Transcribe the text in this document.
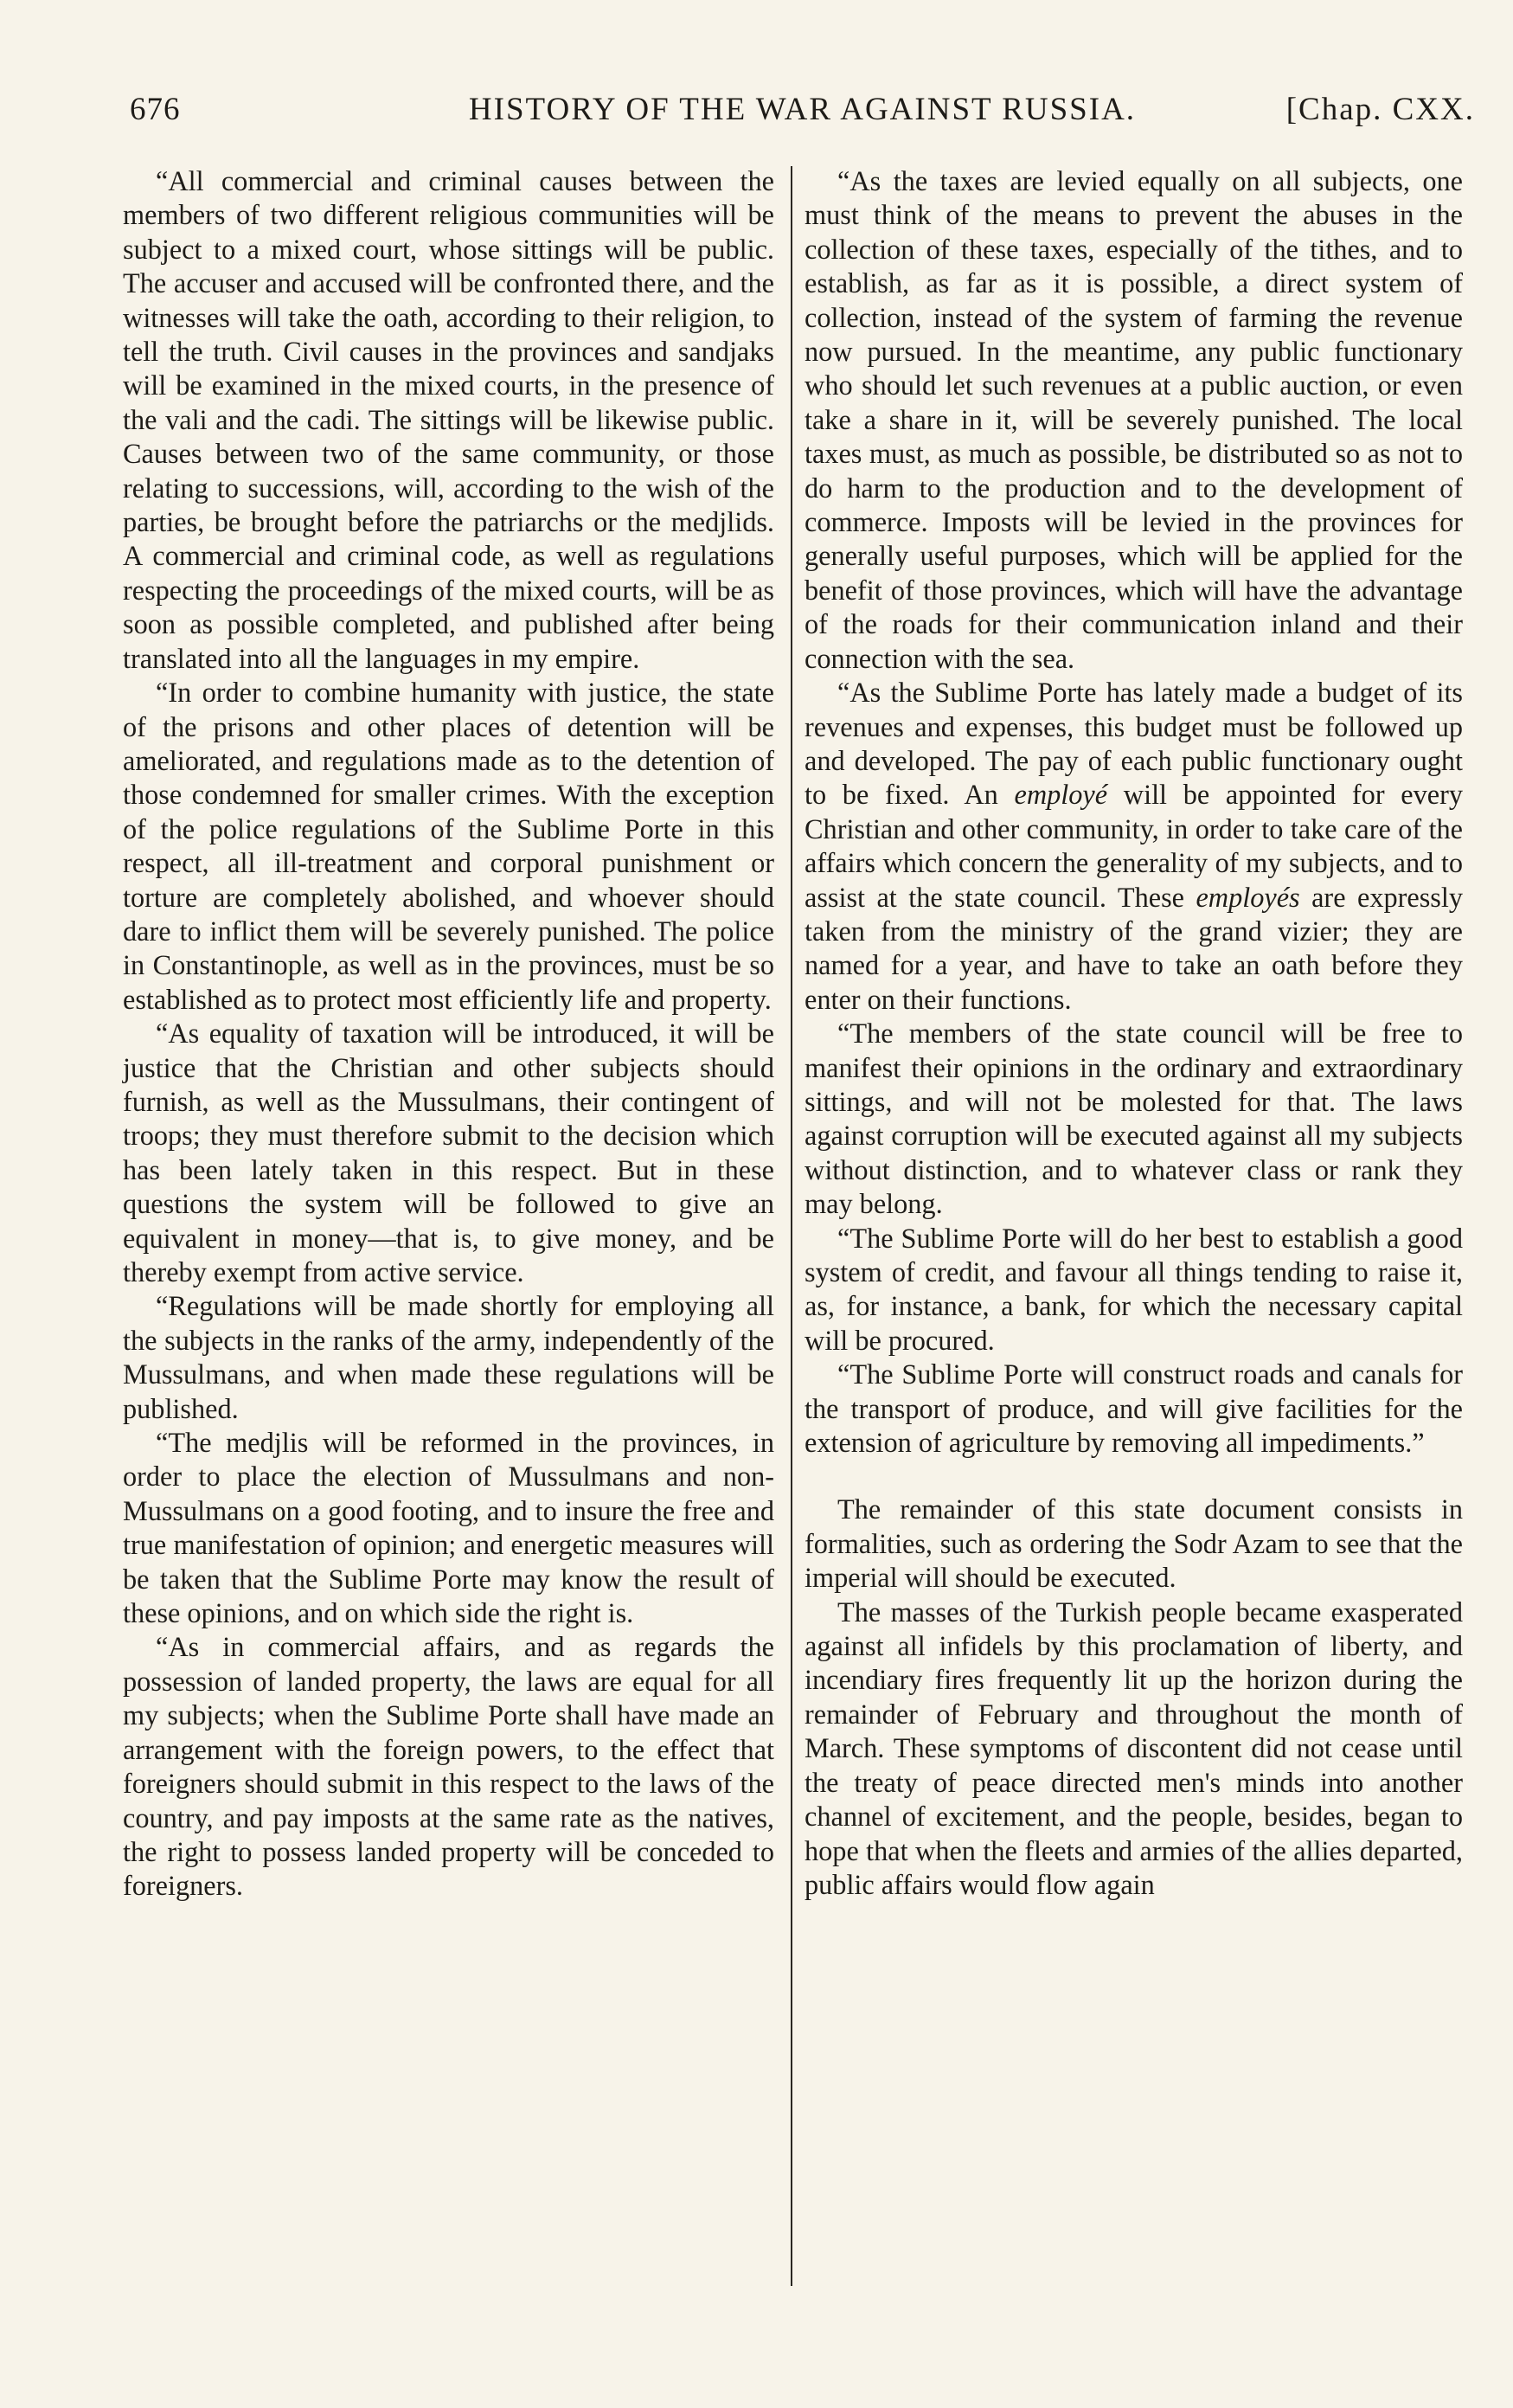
HISTORY OF THE WAR AGAINST RUSSIA.
676	[Chap. CXX.

“All commercial and criminal causes between the members of two different religious communities will be subject to a mixed court, whose sittings will be public. The accuser and accused will be confronted there, and the witnesses will take the oath, according to their religion, to tell the truth. Civil causes in the provinces and sandjaks will be examined in the mixed courts, in the presence of the vali and the cadi. The sittings will be likewise public. Causes between two of the same community, or those relating to successions, will, according to the wish of the parties, be brought before the patriarchs or the medjlids. A commercial and criminal code, as well as regulations respecting the proceedings of the mixed courts, will be as soon as possible completed, and published after being translated into all the languages in my empire.

“In order to combine humanity with justice, the state of the prisons and other places of detention will be ameliorated, and regulations made as to the detention of those condemned for smaller crimes. With the exception of the police regulations of the Sublime Porte in this respect, all ill-treatment and corporal punishment or torture are completely abolished, and whoever should dare to inflict them will be severely punished. The police in Constantinople, as well as in the provinces, must be so established as to protect most efficiently life and property.

“As equality of taxation will be introduced, it will be justice that the Christian and other subjects should furnish, as well as the Mussulmans, their contingent of troops; they must therefore submit to the decision which has been lately taken in this respect. But in these questions the system will be followed to give an equivalent in money—that is, to give money, and be thereby exempt from active service.

“Regulations will be made shortly for employing all the subjects in the ranks of the army, independently of the Mussulmans, and when made these regulations will be published.

“The medjlis will be reformed in the provinces, in order to place the election of Mussulmans and non-Mussulmans on a good footing, and to insure the free and true manifestation of opinion; and energetic measures will be taken that the Sublime Porte may know the result of these opinions, and on which side the right is.

“As in commercial affairs, and as regards the possession of landed property, the laws are equal for all my subjects; when the Sublime Porte shall have made an arrangement with the foreign powers, to the effect that foreigners should submit in this respect to the laws of the country, and pay imposts at the same rate as the natives, the right to possess landed property will be conceded to foreigners.

“As the taxes are levied equally on all subjects, one must think of the means to prevent the abuses in the collection of these taxes, especially of the tithes, and to establish, as far as it is possible, a direct system of collection, instead of the system of farming the revenue now pursued. In the meantime, any public functionary who should let such revenues at a public auction, or even take a share in it, will be severely punished. The local taxes must, as much as possible, be distributed so as not to do harm to the production and to the development of commerce. Imposts will be levied in the provinces for generally useful purposes, which will be applied for the benefit of those provinces, which will have the advantage of the roads for their communication inland and their connection with the sea.

“As the Sublime Porte has lately made a budget of its revenues and expenses, this budget must be followed up and developed. The pay of each public functionary ought to be fixed. An employé will be appointed for every Christian and other community, in order to take care of the affairs which concern the generality of my subjects, and to assist at the state council. These employés are expressly taken from the ministry of the grand vizier; they are named for a year, and have to take an oath before they enter on their functions.

“The members of the state council will be free to manifest their opinions in the ordinary and extraordinary sittings, and will not be molested for that. The laws against corruption will be executed against all my subjects without distinction, and to whatever class or rank they may belong.

“The Sublime Porte will do her best to establish a good system of credit, and favour all things tending to raise it, as, for instance, a bank, for which the necessary capital will be procured.

“The Sublime Porte will construct roads and canals for the transport of produce, and will give facilities for the extension of agriculture by removing all impediments.”

The remainder of this state document consists in formalities, such as ordering the Sodr Azam to see that the imperial will should be executed.

The masses of the Turkish people became exasperated against all infidels by this proclamation of liberty, and incendiary fires frequently lit up the horizon during the remainder of February and throughout the month of March. These symptoms of discontent did not cease until the treaty of peace directed men's minds into another channel of excitement, and the people, besides, began to hope that when the fleets and armies of the allies departed, public affairs would flow again
